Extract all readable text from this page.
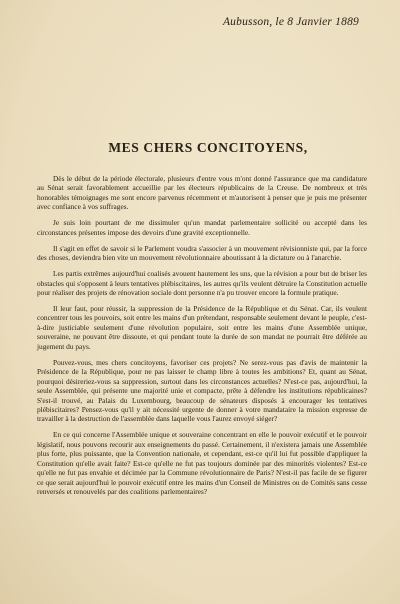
Aubusson, le 8 Janvier 1889
MES CHERS CONCITOYENS,

Dès le début de la période électorale, plusieurs d'entre vous m'ont donné l'assurance que ma candidature au Sénat serait favorablement accueillie par les électeurs républicains de la Creuse. De nombreux et très honorables témoignages me sont encore parvenus récemment et m'autorisent à penser que je puis me présenter avec confiance à vos suffrages.

Je suis loin pourtant de me dissimuler qu'un mandat parlementaire sollicité ou accepté dans les circonstances présentes impose des devoirs d'une gravité exceptionnelle.

Il s'agit en effet de savoir si le Parlement voudra s'associer à un mouvement révisionniste qui, par la force des choses, deviendra bien vite un mouvement révolutionnaire aboutissant à la dictature ou à l'anarchie.

Les partis extrêmes aujourd'hui coalisés avouent hautement les uns, que la révision a pour but de briser les obstacles qui s'opposent à leurs tentatives plébiscitaires, les autres qu'ils veulent détruire la Constitution actuelle pour réaliser des projets de rénovation sociale dont personne n'a pu trouver encore la formule pratique.

Il leur faut, pour réussir, la suppression de la Présidence de la République et du Sénat. Car, ils veulent concentrer tous les pouvoirs, soit entre les mains d'un prétendant, responsable seulement devant le peuple, c'est-à-dire justiciable seulement d'une révolution populaire, soit entre les mains d'une Assemblée unique, souveraine, ne pouvant être dissoute, et qui pendant toute la durée de son mandat ne pourrait être déférée au jugement du pays.

Pouvez-vous, mes chers concitoyens, favoriser ces projets? Ne serez-vous pas d'avis de maintenir la Présidence de la République, pour ne pas laisser le champ libre à toutes les ambitions? Et, quant au Sénat, pourquoi désireriez-vous sa suppression, surtout dans les circonstances actuelles? N'est-ce pas, aujourd'hui, la seule Assemblée, qui présente une majorité unie et compacte, prête à défendre les institutions républicaines? S'est-il trouvé, au Palais du Luxembourg, beaucoup de sénateurs disposés à encourager les tentatives plébiscitaires? Pensez-vous qu'il y ait nécessité urgente de donner à votre mandataire la mission expresse de travailler à la destruction de l'assemblée dans laquelle vous l'aurez envoyé siéger?

En ce qui concerne l'Assemblée unique et souveraine concentrant en elle le pouvoir exécutif et le pouvoir législatif, nous pouvons recourir aux enseignements du passé. Certainement, il n'existera jamais une Assemblée plus forte, plus puissante, que la Convention nationale, et cependant, est-ce qu'il lui fut possible d'appliquer la Constitution qu'elle avait faite? Est-ce qu'elle ne fut pas toujours dominée par des minorités violentes? Est-ce qu'elle ne fut pas envahie et décimée par la Commune révolutionnaire de Paris? N'est-il pas facile de se figurer ce que serait aujourd'hui le pouvoir exécutif entre les mains d'un Conseil de Ministres ou de Comités sans cesse renversés et renouvelés par des coalitions parlementaires?
